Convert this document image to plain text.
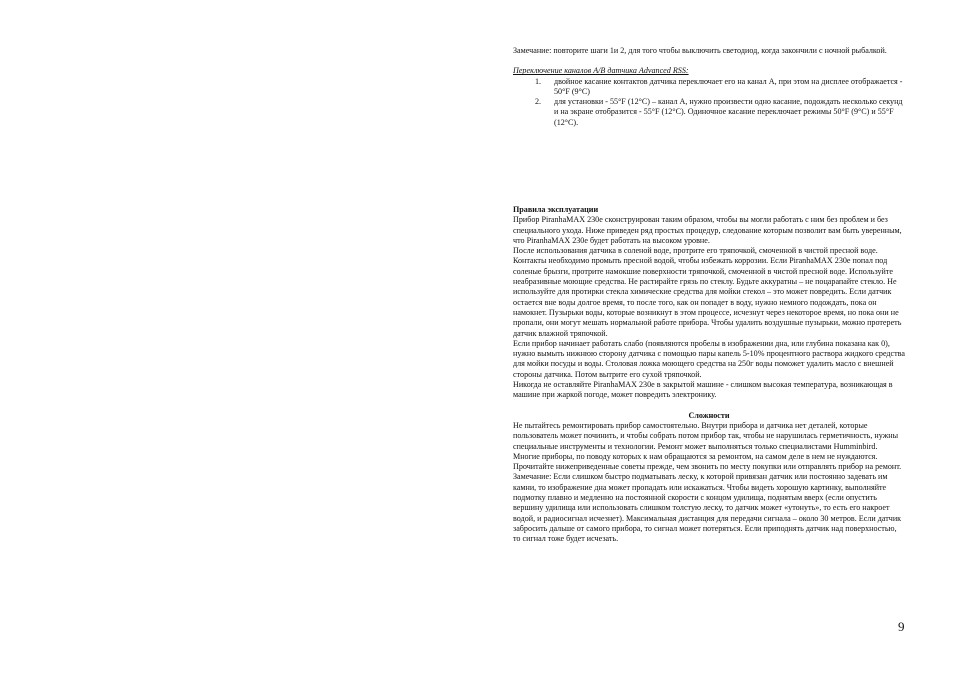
Замечание: повторите шаги 1и 2, для того чтобы выключить светодиод, когда закончили с ночной рыбалкой.

Переключение каналов A/B датчика Advanced RSS:

1. двойное касание контактов датчика переключает его на канал A, при этом на дисплее отображается - 50°F (9°C)
2. для установки - 55°F (12°C) – канал A, нужно произвести одно касание, подождать несколько секунд и на экране отобразится - 55°F (12°C). Одиночное касание переключает режимы 50°F (9°C) и 55°F (12°C).

Правила эксплуатации

Прибор PiranhaMAX 230e сконструирован таким образом, чтобы вы могли работать с ним без проблем и без специального ухода. Ниже приведен ряд простых процедур, следование которым позволит вам быть уверенным, что PiranhaMAX 230e будет работать на высоком уровне.

После использования датчика в соленой воде, протрите его тряпочкой, смоченной в чистой пресной воде. Контакты необходимо промыть пресной водой, чтобы избежать коррозии. Если PiranhaMAX 230e попал под соленые брызги, протрите намокшие поверхности тряпочкой, смоченной в чистой пресной воде. Используйте неабразивные моющие средства. Не растирайте грязь по стеклу. Будьте аккуратны – не поцарапайте стекло. Не используйте для протирки стекла химические средства для мойки стекол – это может повредить. Если датчик остается вне воды долгое время, то после того, как он попадет в воду, нужно немного подождать, пока он намокнет. Пузырьки воды, которые возникнут в этом процессе, исчезнут через некоторое время, но пока они не пропали, они могут мешать нормальной работе прибора. Чтобы удалить воздушные пузырьки, можно протереть датчик влажной тряпочкой.

Если прибор начинает работать слабо (появляются пробелы в изображении дна, или глубина показана как 0), нужно вымыть нижнюю сторону датчика с помощью пары капель 5-10% процентного раствора жидкого средства для мойки посуды и воды. Столовая ложка моющего средства на 250г воды поможет удалить масло с внешней стороны датчика. Потом вытрите его сухой тряпочкой.

Никогда не оставляйте PiranhaMAX 230e в закрытой машине - слишком высокая температура, возникающая в машине при жаркой погоде, может повредить электронику.

Сложности

Не пытайтесь ремонтировать прибор самостоятельно. Внутри прибора и датчика нет деталей, которые пользователь может починить, и чтобы собрать потом прибор так, чтобы не нарушилась герметичность, нужны специальные инструменты и технологии. Ремонт может выполняться только специалистами Humminbird.

Многие приборы, по поводу которых к нам обращаются за ремонтом, на самом деле в нем не нуждаются. Прочитайте нижеприведенные советы прежде, чем звонить по месту покупки или отправлять прибор на ремонт.

Замечание: Если слишком быстро подматывать леску, к которой привязан датчик или постоянно задевать им камни, то изображение дна может пропадать или искажаться. Чтобы видеть хорошую картинку, выполняйте подмотку плавно и медленно на постоянной скорости с концом удилища, поднятым вверх (если опустить вершину удилища или использовать слишком толстую леску, то датчик может «утонуть», то есть его накроет водой, и радиосигнал исчезнет). Максимальная дистанция для передачи сигнала – около 30 метров. Если датчик забросить дальше от самого прибора, то сигнал может потеряться. Если приподнять датчик над поверхностью, то сигнал тоже будет исчезать.

9
